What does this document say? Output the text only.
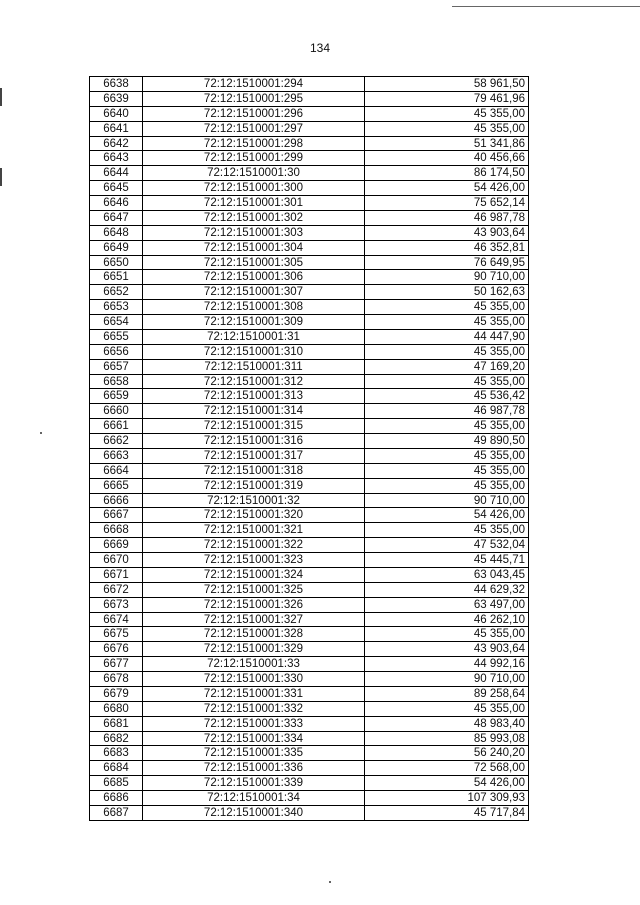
134
6638	72:12:1510001:294	58 961,50
6639	72:12:1510001:295	79 461,96
6640	72:12:1510001:296	45 355,00
6641	72:12:1510001:297	45 355,00
6642	72:12:1510001:298	51 341,86
6643	72:12:1510001:299	40 456,66
6644	72:12:1510001:30	86 174,50
6645	72:12:1510001:300	54 426,00
6646	72:12:1510001:301	75 652,14
6647	72:12:1510001:302	46 987,78
6648	72:12:1510001:303	43 903,64
6649	72:12:1510001:304	46 352,81
6650	72:12:1510001:305	76 649,95
6651	72:12:1510001:306	90 710,00
6652	72:12:1510001:307	50 162,63
6653	72:12:1510001:308	45 355,00
6654	72:12:1510001:309	45 355,00
6655	72:12:1510001:31	44 447,90
6656	72:12:1510001:310	45 355,00
6657	72:12:1510001:311	47 169,20
6658	72:12:1510001:312	45 355,00
6659	72:12:1510001:313	45 536,42
6660	72:12:1510001:314	46 987,78
6661	72:12:1510001:315	45 355,00
6662	72:12:1510001:316	49 890,50
6663	72:12:1510001:317	45 355,00
6664	72:12:1510001:318	45 355,00
6665	72:12:1510001:319	45 355,00
6666	72:12:1510001:32	90 710,00
6667	72:12:1510001:320	54 426,00
6668	72:12:1510001:321	45 355,00
6669	72:12:1510001:322	47 532,04
6670	72:12:1510001:323	45 445,71
6671	72:12:1510001:324	63 043,45
6672	72:12:1510001:325	44 629,32
6673	72:12:1510001:326	63 497,00
6674	72:12:1510001:327	46 262,10
6675	72:12:1510001:328	45 355,00
6676	72:12:1510001:329	43 903,64
6677	72:12:1510001:33	44 992,16
6678	72:12:1510001:330	90 710,00
6679	72:12:1510001:331	89 258,64
6680	72:12:1510001:332	45 355,00
6681	72:12:1510001:333	48 983,40
6682	72:12:1510001:334	85 993,08
6683	72:12:1510001:335	56 240,20
6684	72:12:1510001:336	72 568,00
6685	72:12:1510001:339	54 426,00
6686	72:12:1510001:34	107 309,93
6687	72:12:1510001:340	45 717,84
